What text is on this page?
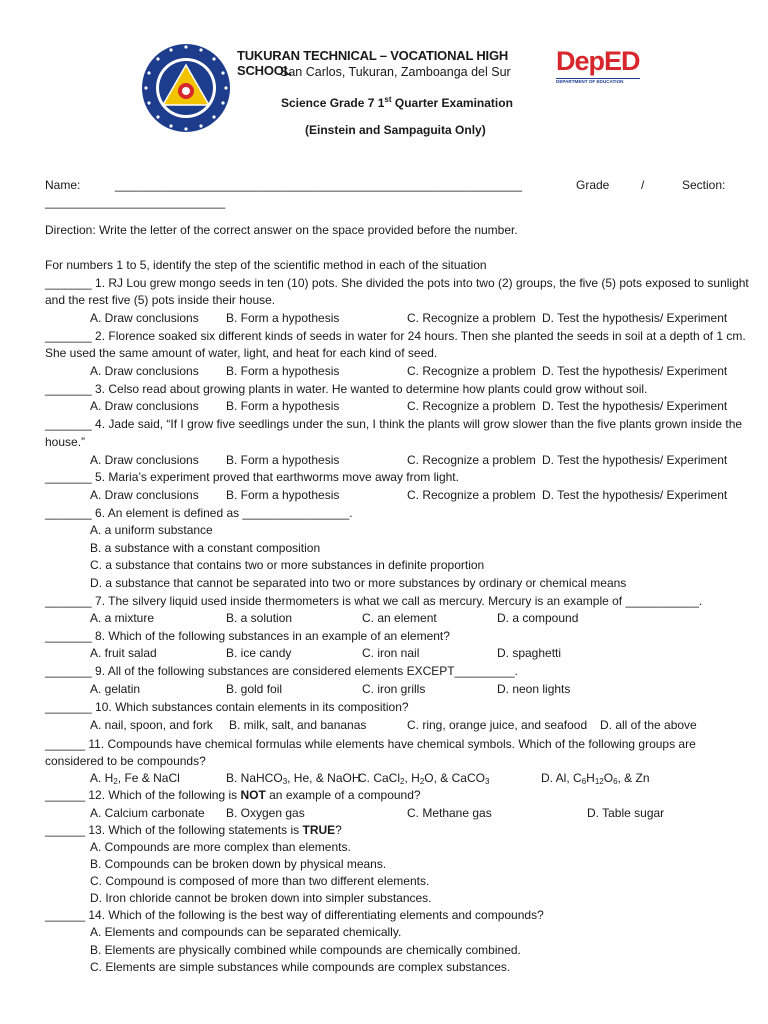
TUKURAN TECHNICAL – VOCATIONAL HIGH SCHOOL
San Carlos, Tukuran, Zamboanga del Sur
Science Grade 7 1st Quarter Examination
(Einstein and Sampaguita Only)
DepED
DEPARTMENT OF EDUCATION
Name:	_____________________________________________________________	Grade	/	Section:
___________________________
Direction: Write the letter of the correct answer on the space provided before the number.
For numbers 1 to 5, identify the step of the scientific method in each of the situation
_______ 1. RJ Lou grew mongo seeds in ten (10) pots. She divided the pots into two (2) groups, the five (5) pots exposed to sunlight
and the rest five (5) pots inside their house.
A. Draw conclusions B. Form a hypothesis	C. Recognize a problem D. Test the hypothesis/ Experiment
_______ 2. Florence soaked six different kinds of seeds in water for 24 hours. Then she planted the seeds in soil at a depth of 1 cm.
She used the same amount of water, light, and heat for each kind of seed.
A. Draw conclusions B. Form a hypothesis	C. Recognize a problem D. Test the hypothesis/ Experiment
_______ 3. Celso read about growing plants in water. He wanted to determine how plants could grow without soil.
A. Draw conclusions B. Form a hypothesis	C. Recognize a problem D. Test the hypothesis/ Experiment
_______ 4. Jade said, “If I grow five seedlings under the sun, I think the plants will grow slower than the five plants grown inside the
house.”
A. Draw conclusions B. Form a hypothesis	C. Recognize a problem D. Test the hypothesis/ Experiment
_______ 5. Maria’s experiment proved that earthworms move away from light.
A. Draw conclusions B. Form a hypothesis	C. Recognize a problem D. Test the hypothesis/ Experiment
_______ 6. An element is defined as ________________.
A. a uniform substance
B. a substance with a constant composition
C. a substance that contains two or more substances in definite proportion
D. a substance that cannot be separated into two or more substances by ordinary or chemical means
_______ 7. The silvery liquid used inside thermometers is what we call as mercury. Mercury is an example of ___________.
A. a mixture	B. a solution	C. an element	D. a compound
_______ 8. Which of the following substances in an example of an element?
A. fruit salad	B. ice candy	C. iron nail	D. spaghetti
_______ 9. All of the following substances are considered elements EXCEPT_________.
A. gelatin	B. gold foil	C. iron grills	D. neon lights
_______ 10. Which substances contain elements in its composition?
A. nail, spoon, and fork B. milk, salt, and bananas	C. ring, orange juice, and seafood D. all of the above
______ 11. Compounds have chemical formulas while elements have chemical symbols. Which of the following groups are
considered to be compounds?
A. $H_2$, Fe & NaCl	B. NaHCO$_3$, He, & NaOH
C. CaCl$_2$, $H_2O$, & CaCO$_3$	D. Al, $C_6H_{12}O_6$, & Zn
______ 12. Which of the following is NOT an example of a compound?
A. Calcium carbonate B. Oxygen gas	C. Methane gas	D. Table sugar
______ 13. Which of the following statements is TRUE?
A. Compounds are more complex than elements.
B. Compounds can be broken down by physical means.
C. Compound is composed of more than two different elements.
D. Iron chloride cannot be broken down into simpler substances.
______ 14. Which of the following is the best way of differentiating elements and compounds?
A. Elements and compounds can be separated chemically.
B. Elements are physically combined while compounds are chemically combined.
C. Elements are simple substances while compounds are complex substances.
